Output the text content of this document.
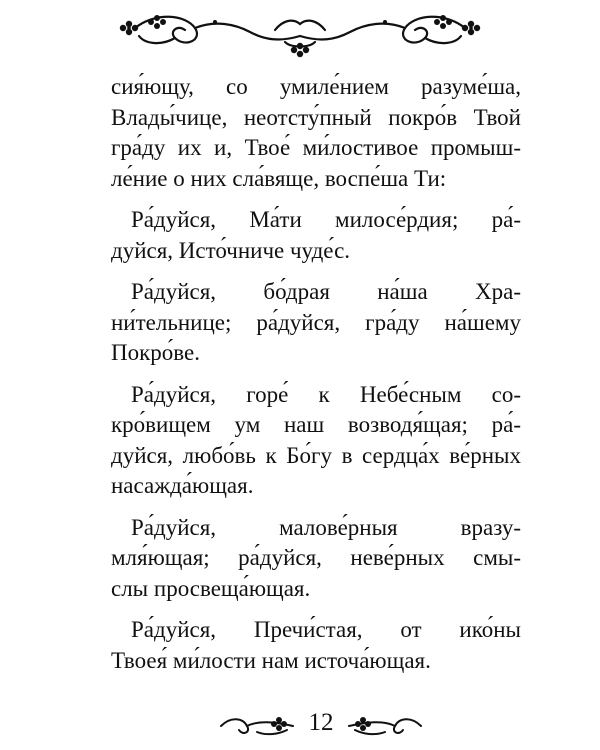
сия́ющу, со умиле́нием разуме́ша,
Влады́чице, неотсту́пный покро́в Твой
гра́ду их и, Твое́ ми́лостивое промыш-
ле́ние о них сла́вяще, воспе́ша Ти:
Ра́дуйся, Ма́ти милосе́рдия; ра́-
дуйся, Исто́чниче чуде́с.
Ра́дуйся, бо́драя на́ша Хра-
ни́тельнице; ра́дуйся, гра́ду на́шему
Покро́ве.
Ра́дуйся, горе́ к Небе́сным со-
кро́вищем ум наш возводя́щая; ра́-
дуйся, любо́вь к Бо́гу в сердца́х ве́рных
насажда́ющая.
Ра́дуйся, малове́рныя вразу-
мля́ющая; ра́дуйся, неве́рных смы-
слы просвеща́ющая.
Ра́дуйся, Пречи́стая, от ико́ны
Твоея́ ми́лости нам источа́ющая.
12
